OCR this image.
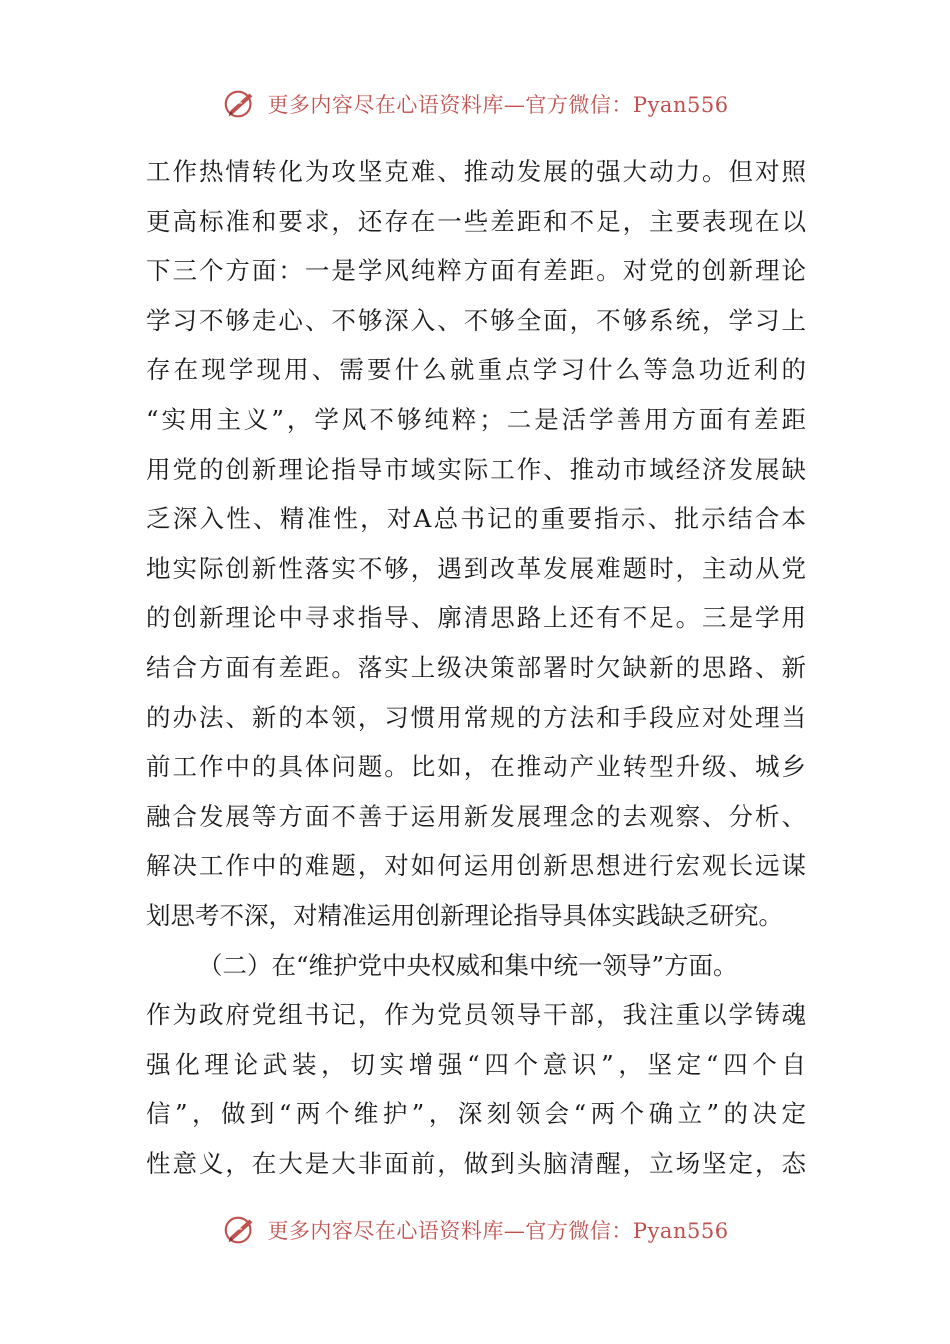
更多内容尽在心语资料库—官方微信：Pyan556
工作热情转化为攻坚克难、推动发展的强大动力。但对照
更高标准和要求，还存在一些差距和不足，主要表现在以
下三个方面：一是学风纯粹方面有差距。对党的创新理论
学习不够走心、不够深入、不够全面，不够系统，学习上
存在现学现用、需要什么就重点学习什么等急功近利的
“实用主义”，学风不够纯粹；二是活学善用方面有差距
用党的创新理论指导市域实际工作、推动市域经济发展缺
乏深入性、精准性，对A总书记的重要指示、批示结合本
地实际创新性落实不够，遇到改革发展难题时，主动从党
的创新理论中寻求指导、廓清思路上还有不足。三是学用
结合方面有差距。落实上级决策部署时欠缺新的思路、新
的办法、新的本领，习惯用常规的方法和手段应对处理当
前工作中的具体问题。比如，在推动产业转型升级、城乡
融合发展等方面不善于运用新发展理念的去观察、分析、
解决工作中的难题，对如何运用创新思想进行宏观长远谋
划思考不深，对精准运用创新理论指导具体实践缺乏研究。
（二）在“维护党中央权威和集中统一领导”方面。
作为政府党组书记，作为党员领导干部，我注重以学铸魂
强化理论武装，切实增强“四个意识”，坚定“四个自
信”，做到“两个维护”，深刻领会“两个确立”的决定
性意义，在大是大非面前，做到头脑清醒，立场坚定，态
更多内容尽在心语资料库—官方微信：Pyan556
